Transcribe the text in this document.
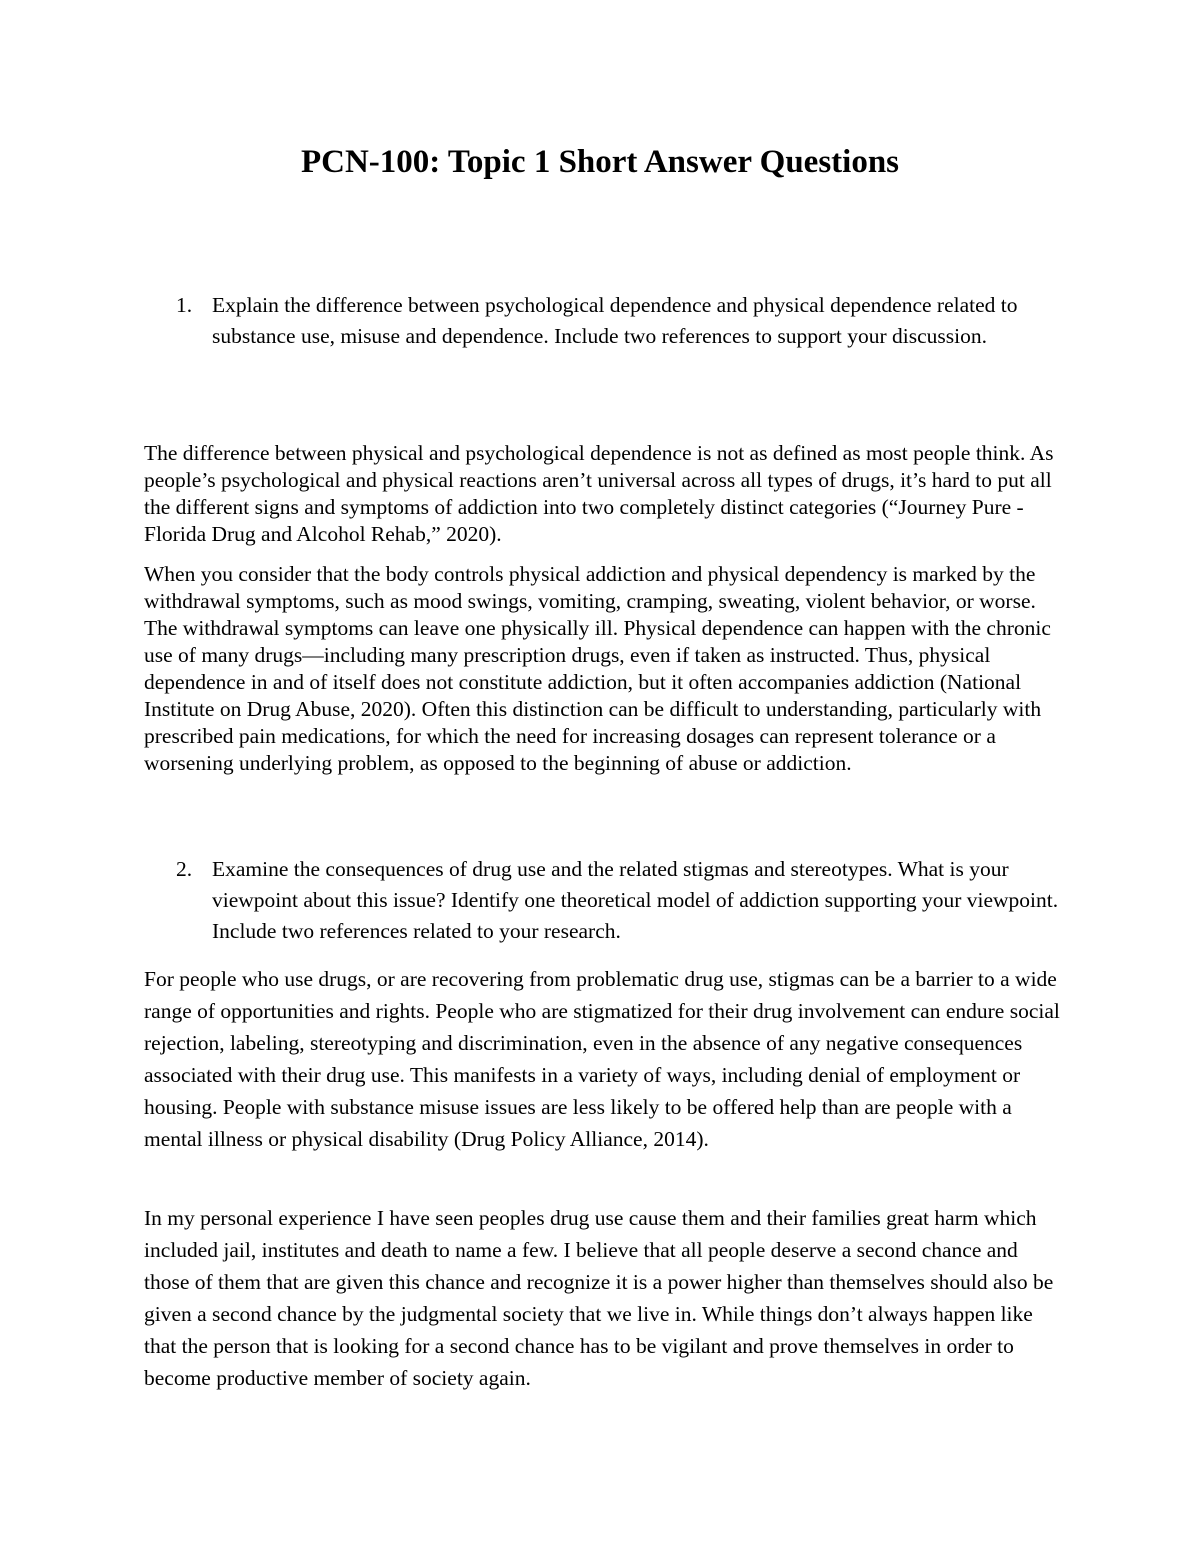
PCN-100: Topic 1 Short Answer Questions
1. Explain the difference between psychological dependence and physical dependence related to substance use, misuse and dependence. Include two references to support your discussion.

The difference between physical and psychological dependence is not as defined as most people think. As people’s psychological and physical reactions aren’t universal across all types of drugs, it’s hard to put all the different signs and symptoms of addiction into two completely distinct categories (“Journey Pure - Florida Drug and Alcohol Rehab,” 2020).

When you consider that the body controls physical addiction and physical dependency is marked by the withdrawal symptoms, such as mood swings, vomiting, cramping, sweating, violent behavior, or worse. The withdrawal symptoms can leave one physically ill. Physical dependence can happen with the chronic use of many drugs—including many prescription drugs, even if taken as instructed. Thus, physical dependence in and of itself does not constitute addiction, but it often accompanies addiction (National Institute on Drug Abuse, 2020). Often this distinction can be difficult to understanding, particularly with prescribed pain medications, for which the need for increasing dosages can represent tolerance or a worsening underlying problem, as opposed to the beginning of abuse or addiction.

2. Examine the consequences of drug use and the related stigmas and stereotypes. What is your viewpoint about this issue? Identify one theoretical model of addiction supporting your viewpoint. Include two references related to your research.

For people who use drugs, or are recovering from problematic drug use, stigmas can be a barrier to a wide range of opportunities and rights. People who are stigmatized for their drug involvement can endure social rejection, labeling, stereotyping and discrimination, even in the absence of any negative consequences associated with their drug use. This manifests in a variety of ways, including denial of employment or housing. People with substance misuse issues are less likely to be offered help than are people with a mental illness or physical disability (Drug Policy Alliance, 2014).

In my personal experience I have seen peoples drug use cause them and their families great harm which included jail, institutes and death to name a few. I believe that all people deserve a second chance and those of them that are given this chance and recognize it is a power higher than themselves should also be given a second chance by the judgmental society that we live in. While things don’t always happen like that the person that is looking for a second chance has to be vigilant and prove themselves in order to become productive member of society again.
